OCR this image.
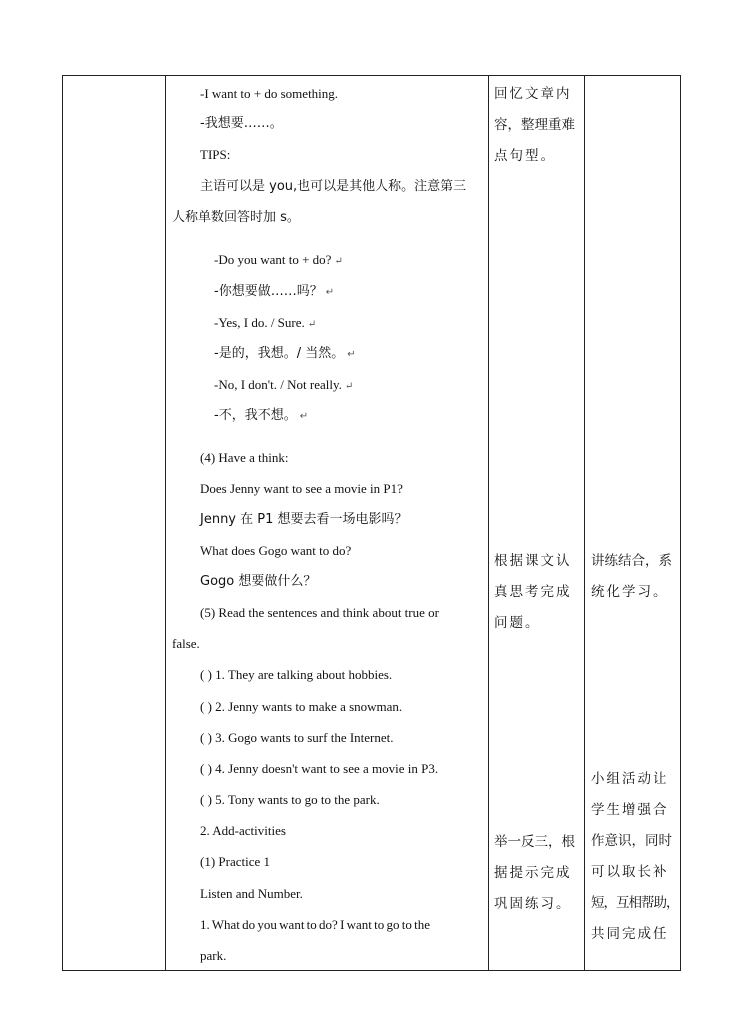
-I want to + do something.
-我想要……。
TIPS:
主语可以是 you,也可以是其他人称。注意第三
人称单数回答时加 s。
-Do you want to + do? ↵
-你想要做……吗？ ↵
-Yes, I do. / Sure. ↵
-是的，我想。/ 当然。 ↵
-No, I don't. / Not really. ↵
-不，我不想。 ↵
(4) Have a think:
Does Jenny want to see a movie in P1?
Jenny 在 P1 想要去看一场电影吗？
What does Gogo want to do?
Gogo 想要做什么？
(5) Read the sentences and think about true or
false.
( ) 1. They are talking about hobbies.
( ) 2. Jenny wants to make a snowman.
( ) 3. Gogo wants to surf the Internet.
( ) 4. Jenny doesn't want to see a movie in P3.
( ) 5. Tony wants to go to the park.
2. Add-activities
(1) Practice 1
Listen and Number.
1. What do you want to do? I want to go to the
park.
回忆文章内
容，整理重难
点句型。
根据课文认
真思考完成
问题。
举一反三，根
据提示完成
巩固练习。
讲练结合，系
统化学习。
小组活动让
学生增强合
作意识，同时
可以取长补
短，互相帮助，
共同完成任
